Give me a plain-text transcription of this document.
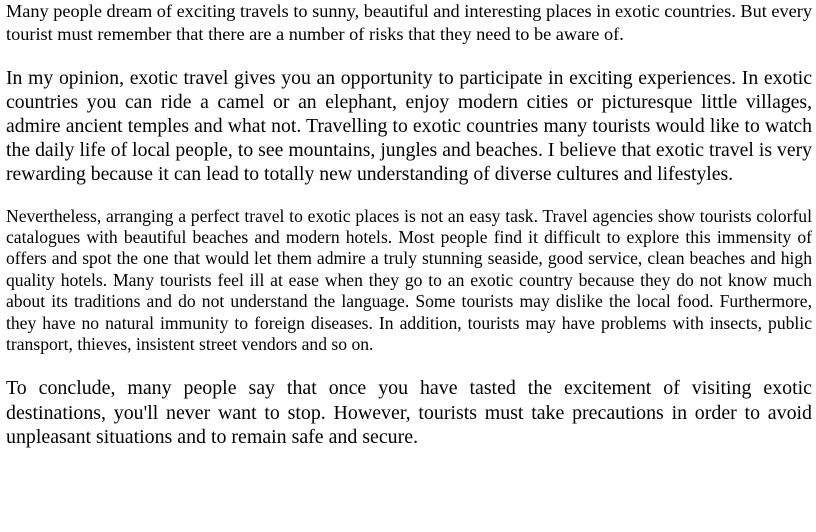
Many people dream of exciting travels to sunny, beautiful and interesting places in exotic countries. But every tourist must remember that there are a number of risks that they need to be aware of.

In my opinion, exotic travel gives you an opportunity to participate in exciting experiences. In exotic countries you can ride a camel or an elephant, enjoy modern cities or picturesque little villages, admire ancient temples and what not. Travelling to exotic countries many tourists would like to watch the daily life of local people, to see mountains, jungles and beaches. I believe that exotic travel is very rewarding because it can lead to totally new understanding of diverse cultures and lifestyles.

Nevertheless, arranging a perfect travel to exotic places is not an easy task. Travel agencies show tourists colorful catalogues with beautiful beaches and modern hotels. Most people find it difficult to explore this immensity of offers and spot the one that would let them admire a truly stunning seaside, good service, clean beaches and high quality hotels. Many tourists feel ill at ease when they go to an exotic country because they do not know much about its traditions and do not understand the language. Some tourists may dislike the local food. Furthermore, they have no natural immunity to foreign diseases. In addition, tourists may have problems with insects, public transport, thieves, insistent street vendors and so on.

To conclude, many people say that once you have tasted the excitement of visiting exotic destinations, you'll never want to stop. However, tourists must take precautions in order to avoid unpleasant situations and to remain safe and secure.
